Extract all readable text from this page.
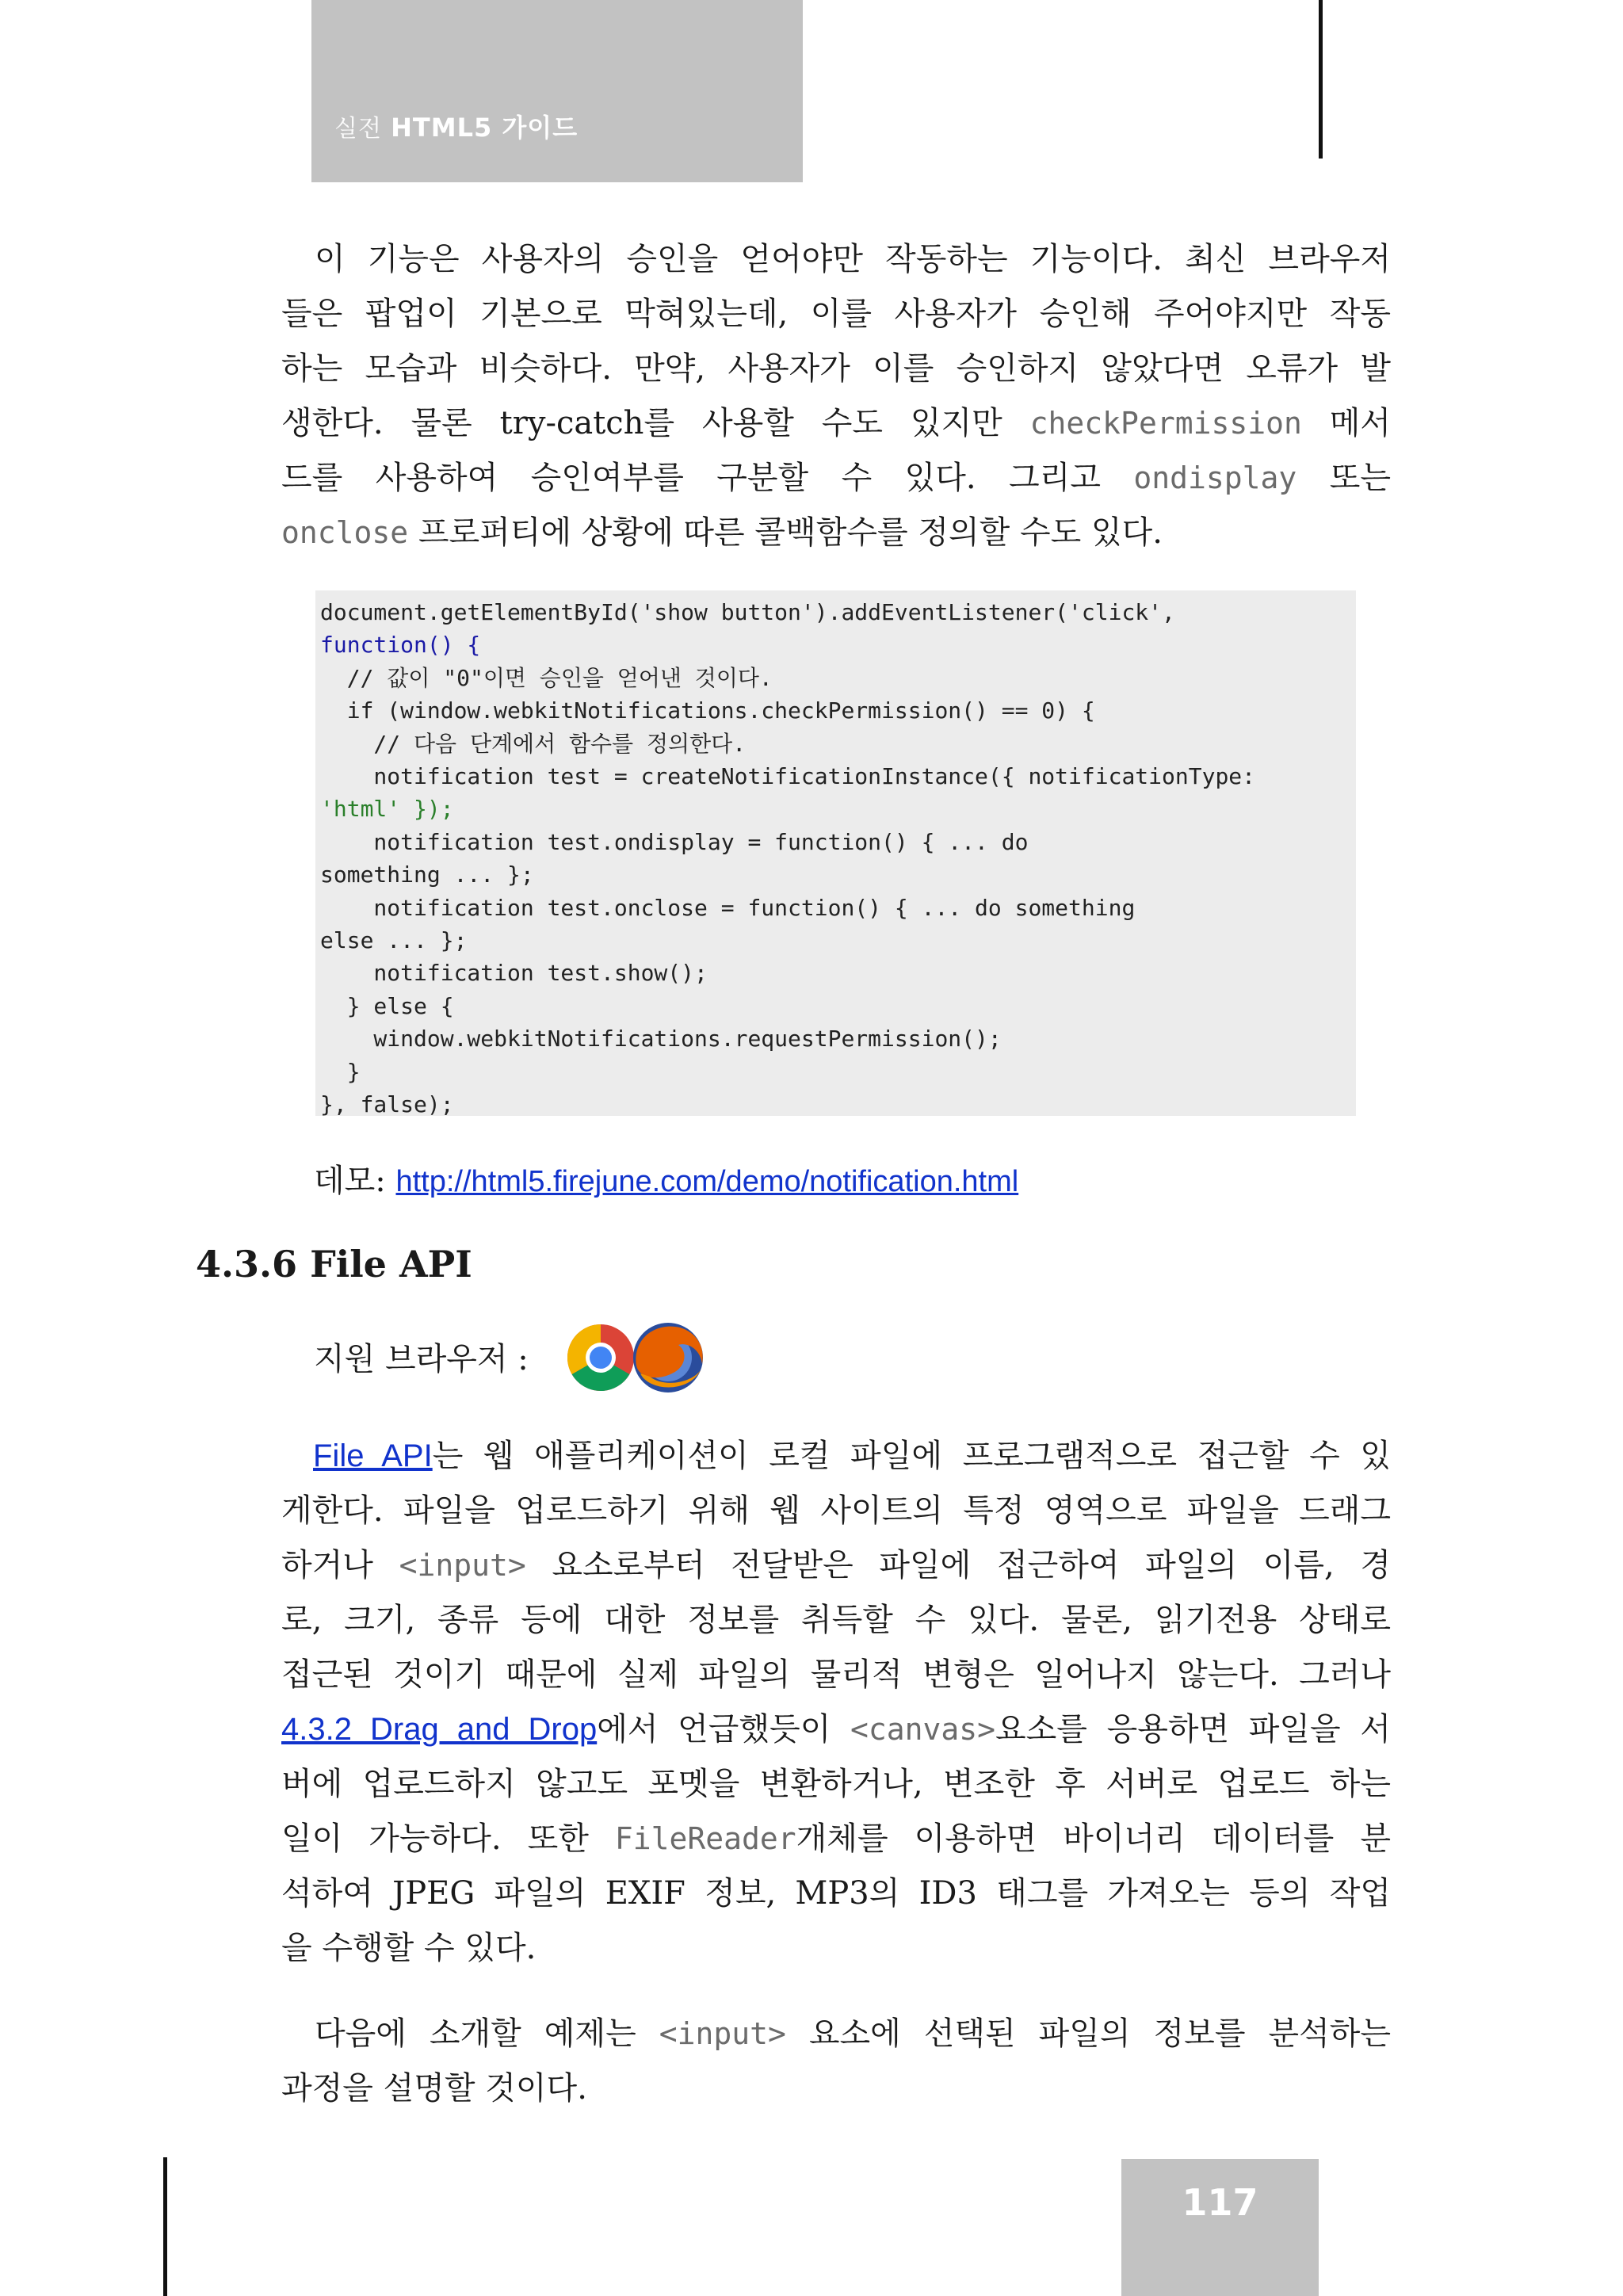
실전 HTML5 가이드
이 기능은 사용자의 승인을 얻어야만 작동하는 기능이다. 최신 브라우저
들은 팝업이 기본으로 막혀있는데, 이를 사용자가 승인해 주어야지만 작동
하는 모습과 비슷하다. 만약, 사용자가 이를 승인하지 않았다면 오류가 발
생한다. 물론 try-catch를 사용할 수도 있지만 checkPermission 메서
드를 사용하여 승인여부를 구분할 수 있다. 그리고 ondisplay 또는
onclose 프로퍼티에 상황에 따른 콜백함수를 정의할 수도 있다.
document.getElementById('show button').addEventListener('click',
function() {
// 값이 "0"이면 승인을 얻어낸 것이다.
if (window.webkitNotifications.checkPermission() == 0) {
// 다음 단계에서 함수를 정의한다.
notification test = createNotificationInstance({ notificationType:
'html' });
notification test.ondisplay = function() { ... do
something ... };
notification test.onclose = function() { ... do something
else ... };
notification test.show();
} else {
window.webkitNotifications.requestPermission();
}
}, false);
데모: http://html5.firejune.com/demo/notification.html
4.3.6 File API
지원 브라우저 :
File API는 웹 애플리케이션이 로컬 파일에 프로그램적으로 접근할 수 있
게한다. 파일을 업로드하기 위해 웹 사이트의 특정 영역으로 파일을 드래그
하거나 <input> 요소로부터 전달받은 파일에 접근하여 파일의 이름, 경
로, 크기, 종류 등에 대한 정보를 취득할 수 있다. 물론, 읽기전용 상태로
접근된 것이기 때문에 실제 파일의 물리적 변형은 일어나지 않는다. 그러나
4.3.2 Drag and Drop에서 언급했듯이 <canvas>요소를 응용하면 파일을 서
버에 업로드하지 않고도 포멧을 변환하거나, 변조한 후 서버로 업로드 하는
일이 가능하다. 또한 FileReader개체를 이용하면 바이너리 데이터를 분
석하여 JPEG 파일의 EXIF 정보, MP3의 ID3 태그를 가져오는 등의 작업
을 수행할 수 있다.
다음에 소개할 예제는 <input> 요소에 선택된 파일의 정보를 분석하는
과정을 설명할 것이다.
117
